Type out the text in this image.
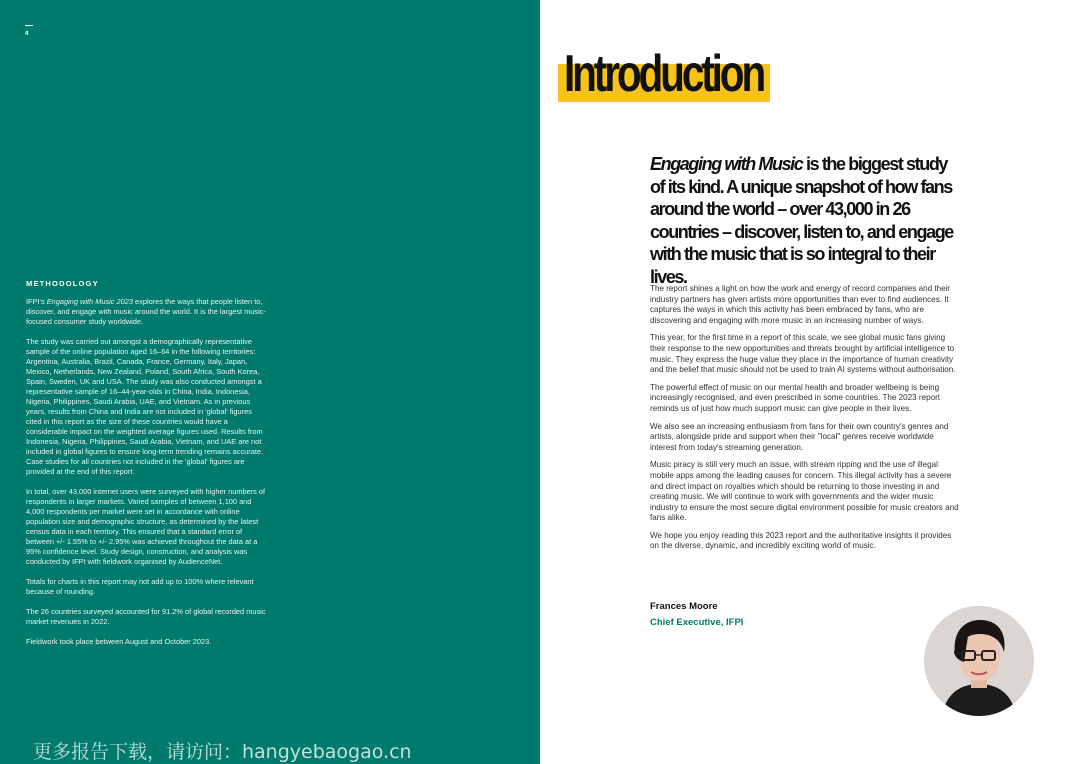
4
METHODOLOGY

IFPI's Engaging with Music 2023 explores the ways that people listen to, discover, and engage with music around the world. It is the largest music-focused consumer study worldwide.

The study was carried out amongst a demographically representative sample of the online population aged 16–64 in the following territories: Argentina, Australia, Brazil, Canada, France, Germany, Italy, Japan, Mexico, Netherlands, New Zealand, Poland, South Africa, South Korea, Spain, Sweden, UK and USA. The study was also conducted amongst a representative sample of 16–44-year-olds in China, India, Indonesia, Nigeria, Philippines, Saudi Arabia, UAE, and Vietnam. As in previous years, results from China and India are not included in 'global' figures cited in this report as the size of these countries would have a considerable impact on the weighted average figures used. Results from Indonesia, Nigeria, Philippines, Saudi Arabia, Vietnam, and UAE are not included in global figures to ensure long-term trending remains accurate. Case studies for all countries not included in the 'global' figures are provided at the end of this report.

In total, over 43,000 internet users were surveyed with higher numbers of respondents in larger markets. Varied samples of between 1,100 and 4,000 respondents per market were set in accordance with online population size and demographic structure, as determined by the latest census data in each territory. This ensured that a standard error of between +/- 1.55% to +/- 2.95% was achieved throughout the data at a 95% confidence level. Study design, construction, and analysis was conducted by IFPI with fieldwork organised by AudienceNet.

Totals for charts in this report may not add up to 100% where relevant because of rounding.

The 26 countries surveyed accounted for 91.2% of global recorded music market revenues in 2022.

Fieldwork took place between August and October 2023.

更多报告下载，请访问：hangyebaogao.cn
Introduction
Engaging with Music is the biggest study of its kind. A unique snapshot of how fans around the world – over 43,000 in 26 countries – discover, listen to, and engage with the music that is so integral to their lives.

The report shines a light on how the work and energy of record companies and their industry partners has given artists more opportunities than ever to find audiences. It captures the ways in which this activity has been embraced by fans, who are discovering and engaging with more music in an increasing number of ways.

This year, for the first time in a report of this scale, we see global music fans giving their response to the new opportunities and threats brought by artificial intelligence to music. They express the huge value they place in the importance of human creativity and the belief that music should not be used to train AI systems without authorisation.

The powerful effect of music on our mental health and broader wellbeing is being increasingly recognised, and even prescribed in some countries. The 2023 report reminds us of just how much support music can give people in their lives.

We also see an increasing enthusiasm from fans for their own country's genres and artists, alongside pride and support when their "local" genres receive worldwide interest from today's streaming generation.

Music piracy is still very much an issue, with stream ripping and the use of illegal mobile apps among the leading causes for concern. This illegal activity has a severe and direct impact on royalties which should be returning to those investing in and creating music. We will continue to work with governments and the wider music industry to ensure the most secure digital environment possible for music creators and fans alike.

We hope you enjoy reading this 2023 report and the authoritative insights it provides on the diverse, dynamic, and incredibly exciting world of music.

Frances Moore
Chief Executive, IFPI
